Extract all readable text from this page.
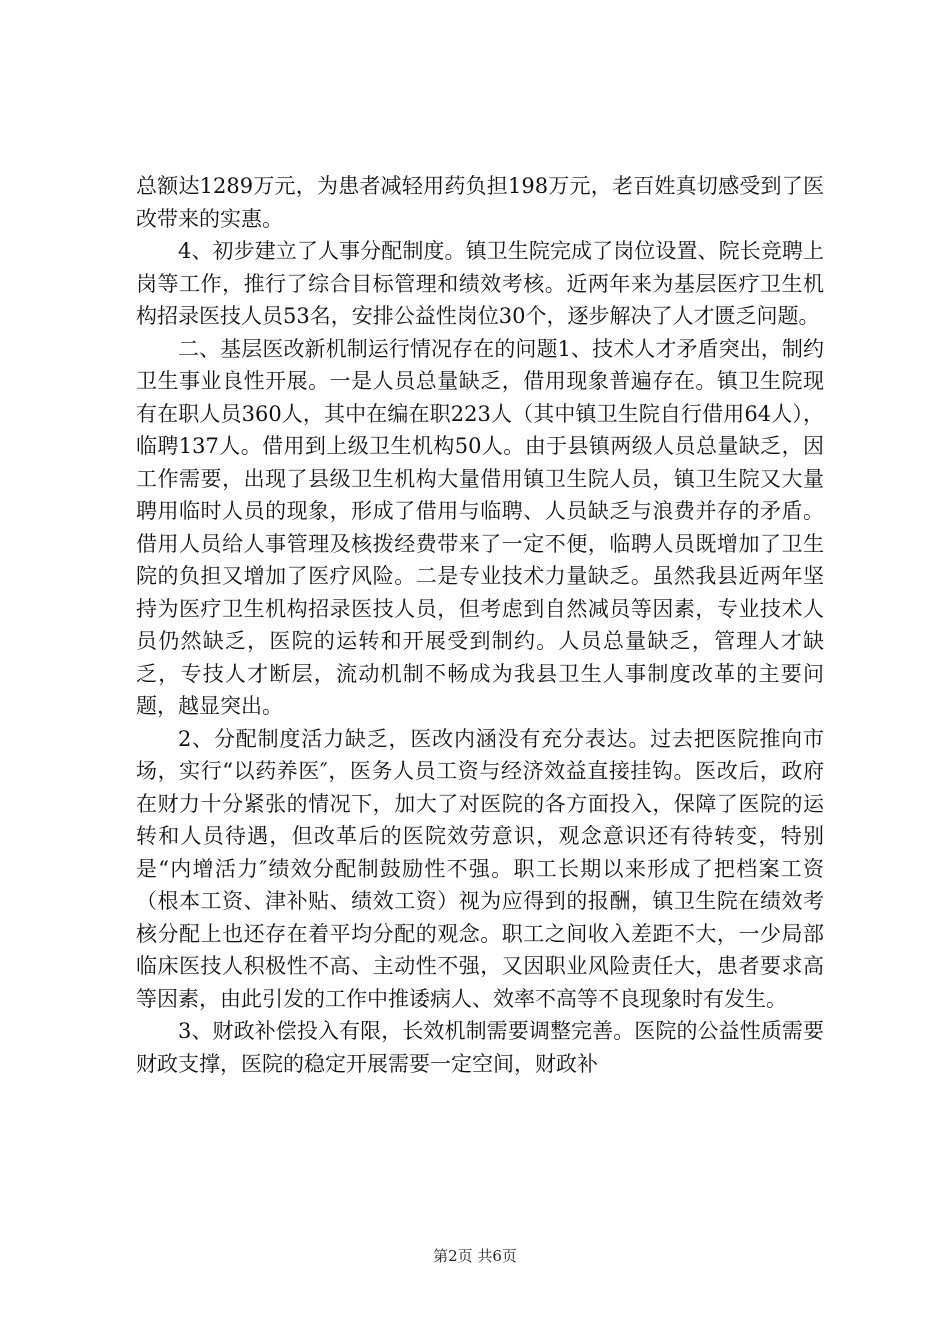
总额达1289万元，为患者减轻用药负担198万元，老百姓真切感受到了医改带来的实惠。

4、初步建立了人事分配制度。镇卫生院完成了岗位设置、院长竞聘上岗等工作，推行了综合目标管理和绩效考核。近两年来为基层医疗卫生机构招录医技人员53名，安排公益性岗位30个，逐步解决了人才匮乏问题。

二、基层医改新机制运行情况存在的问题1、技术人才矛盾突出，制约卫生事业良性开展。一是人员总量缺乏，借用现象普遍存在。镇卫生院现有在职人员360人，其中在编在职223人（其中镇卫生院自行借用64人），临聘137人。借用到上级卫生机构50人。由于县镇两级人员总量缺乏，因工作需要，出现了县级卫生机构大量借用镇卫生院人员，镇卫生院又大量聘用临时人员的现象，形成了借用与临聘、人员缺乏与浪费并存的矛盾。借用人员给人事管理及核拨经费带来了一定不便，临聘人员既增加了卫生院的负担又增加了医疗风险。二是专业技术力量缺乏。虽然我县近两年坚持为医疗卫生机构招录医技人员，但考虑到自然减员等因素，专业技术人员仍然缺乏，医院的运转和开展受到制约。人员总量缺乏，管理人才缺乏，专技人才断层，流动机制不畅成为我县卫生人事制度改革的主要问题，越显突出。

2、分配制度活力缺乏，医改内涵没有充分表达。过去把医院推向市场，实行“以药养医″，医务人员工资与经济效益直接挂钩。医改后，政府在财力十分紧张的情况下，加大了对医院的各方面投入，保障了医院的运转和人员待遇，但改革后的医院效劳意识，观念意识还有待转变，特别是“内增活力″绩效分配制鼓励性不强。职工长期以来形成了把档案工资（根本工资、津补贴、绩效工资）视为应得到的报酬，镇卫生院在绩效考核分配上也还存在着平均分配的观念。职工之间收入差距不大，一少局部临床医技人积极性不高、主动性不强，又因职业风险责任大，患者要求高等因素，由此引发的工作中推诿病人、效率不高等不良现象时有发生。

3、财政补偿投入有限，长效机制需要调整完善。医院的公益性质需要财政支撑，医院的稳定开展需要一定空间，财政补

第2页 共6页
